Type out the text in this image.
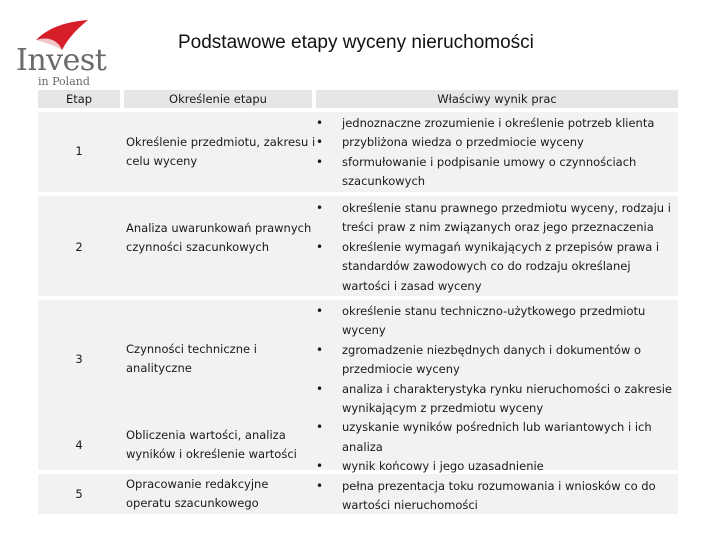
Invest
in Poland
Podstawowe etapy wyceny nieruchomości
Etap	Określenie etapu	Właściwy wynik prac
1
Określenie przedmiotu, zakresu i celu wyceny
• jednoznaczne zrozumienie i określenie potrzeb klienta
• przybliżona wiedza o przedmiocie wyceny
• sformułowanie i podpisanie umowy o czynnościach szacunkowych
2
Analiza uwarunkowań prawnych czynności szacunkowych
• określenie stanu prawnego przedmiotu wyceny, rodzaju i treści praw z nim związanych oraz jego przeznaczenia
• określenie wymagań wynikających z przepisów prawa i standardów zawodowych co do rodzaju określanej wartości i zasad wyceny
3
Czynności techniczne i analityczne
4
Obliczenia wartości, analiza wyników i określenie wartości
5
Opracowanie redakcyjne operatu szacunkowego
• określenie stanu techniczno-użytkowego przedmiotu wyceny
• zgromadzenie niezbędnych danych i dokumentów o przedmiocie wyceny
• analiza i charakterystyka rynku nieruchomości o zakresie wynikającym z przedmiotu wyceny
• uzyskanie wyników pośrednich lub wariantowych i ich analiza
• wynik końcowy i jego uzasadnienie
• pełna prezentacja toku rozumowania i wniosków co do wartości nieruchomości
